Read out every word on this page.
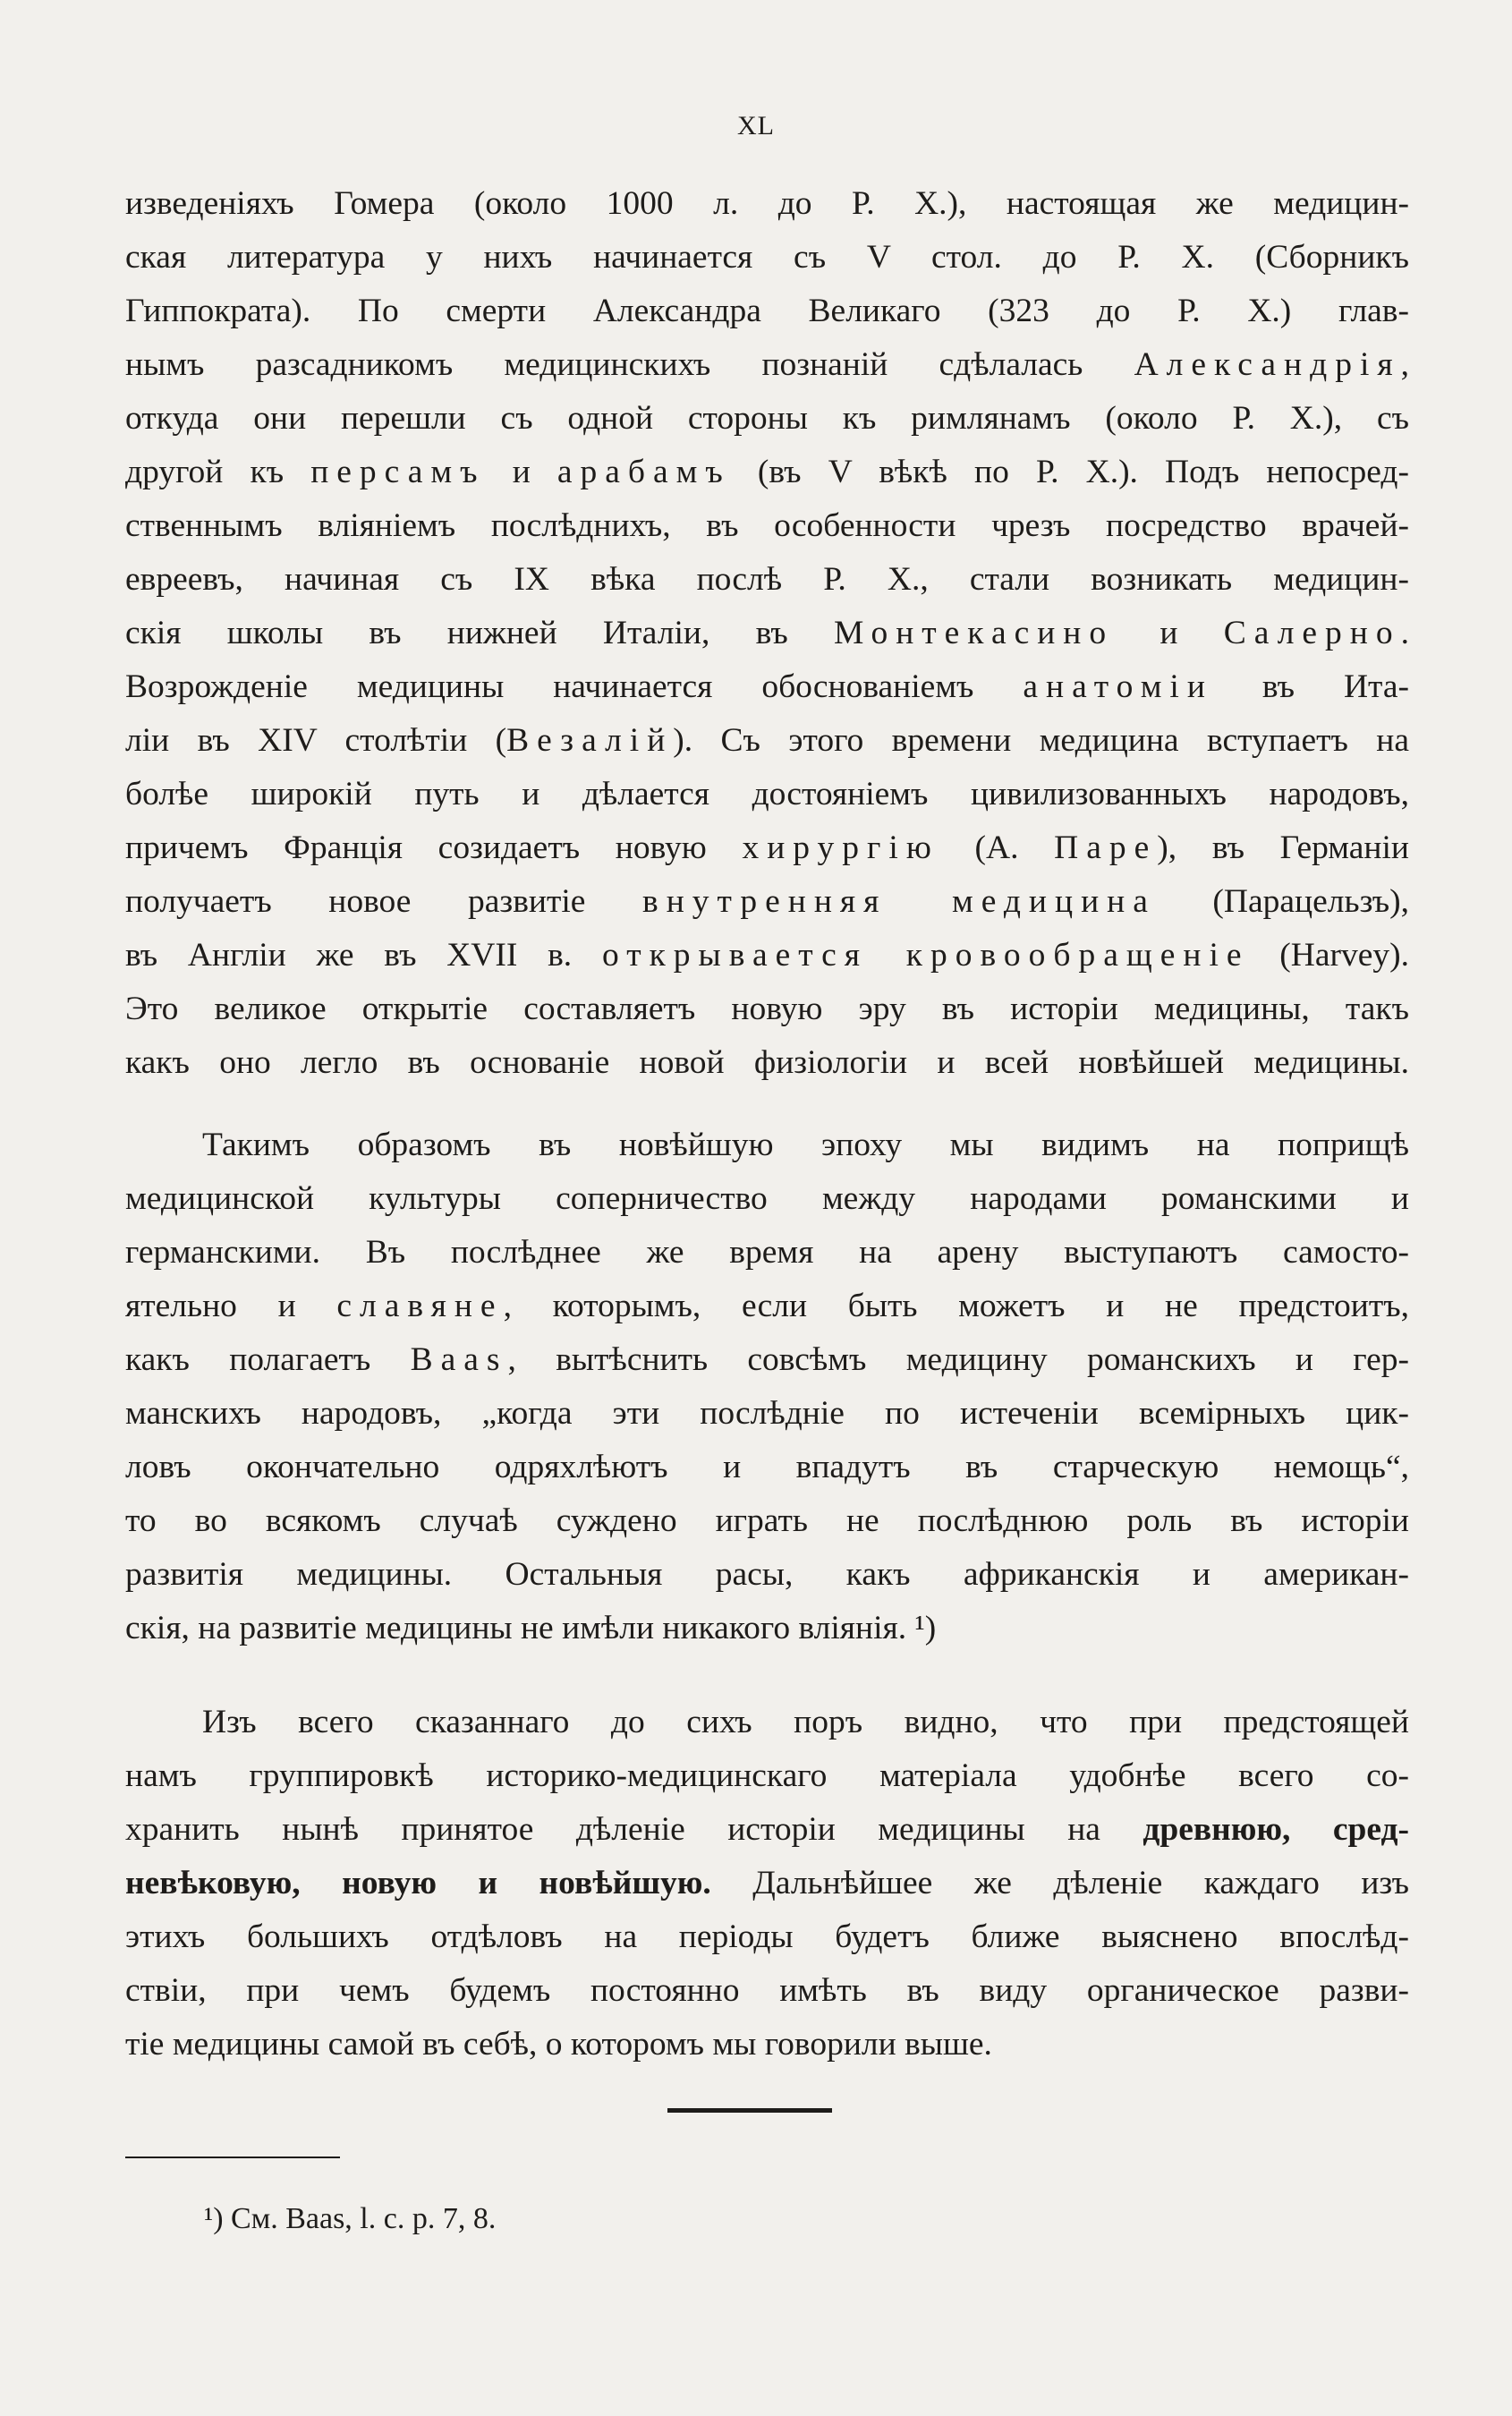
XL
изведеніяхъ Гомера (около 1000 л. до Р. Х.), настоящая же медицин-
ская литература у нихъ начинается съ V стол. до Р. Х. (Сборникъ
Гиппократа). По смерти Александра Великаго (323 до Р. Х.) глав-
нымъ разсадникомъ медицинскихъ познаній сдѣлалась Александрія,
откуда они перешли съ одной стороны къ римлянамъ (около Р. Х.), съ
другой къ персамъ и арабамъ (въ V вѣкѣ по Р. Х.). Подъ непосред-
ственнымъ вліяніемъ послѣднихъ, въ особенности чрезъ посредство врачей-
евреевъ, начиная съ IX вѣка послѣ Р. Х., стали возникать медицин-
скія школы въ нижней Италіи, въ Монтекасино и Салерно.
Возрожденіе медицины начинается обоснованіемъ анатоміи въ Ита-
ліи въ XIV столѣтіи (Везалій). Съ этого времени медицина вступаетъ на
болѣе широкій путь и дѣлается достояніемъ цивилизованныхъ народовъ,
причемъ Франція созидаетъ новую хирургію (А. Паре), въ Германіи
получаетъ новое развитіе внутренняя медицина (Парацельзъ),
въ Англіи же въ XVII в. открывается кровообращеніе (Harvey).
Это великое открытіе составляетъ новую эру въ исторіи медицины, такъ
какъ оно легло въ основаніе новой физіологіи и всей новѣйшей медицины.
Такимъ образомъ въ новѣйшую эпоху мы видимъ на поприщѣ
медицинской культуры соперничество между народами романскими и
германскими. Въ послѣднее же время на арену выступаютъ самосто-
ятельно и славяне, которымъ, если быть можетъ и не предстоитъ,
какъ полагаетъ Baas, вытѣснить совсѣмъ медицину романскихъ и гер-
манскихъ народовъ, „когда эти послѣдніе по истеченіи всемірныхъ цик-
ловъ окончательно одряхлѣютъ и впадутъ въ старческую немощь“,
то во всякомъ случаѣ суждено играть не послѣднюю роль въ исторіи
развитія медицины. Остальныя расы, какъ африканскія и американ-
скія, на развитіе медицины не имѣли никакого вліянія. ¹)
Изъ всего сказаннаго до сихъ поръ видно, что при предстоящей
намъ группировкѣ историко-медицинскаго матеріала удобнѣе всего со-
хранить нынѣ принятое дѣленіе исторіи медицины на древнюю, сред-
невѣковую, новую и новѣйшую. Дальнѣйшее же дѣленіе каждаго изъ
этихъ большихъ отдѣловъ на періоды будетъ ближе выяснено впослѣд-
ствіи, при чемъ будемъ постоянно имѣть въ виду органическое разви-
тіе медицины самой въ себѣ, о которомъ мы говорили выше.
¹) См. Baas, l. c. p. 7, 8.
